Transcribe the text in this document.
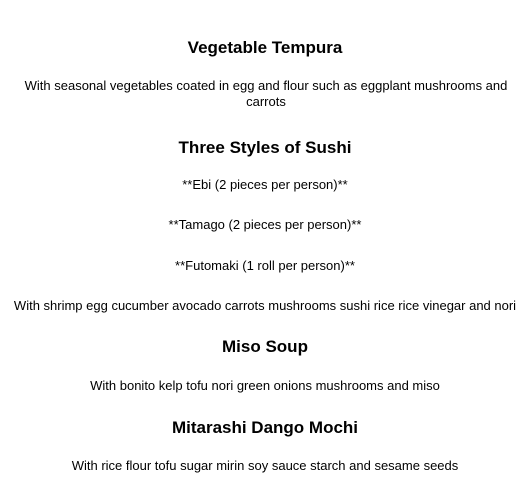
Vegetable Tempura

With seasonal vegetables coated in egg and flour such as eggplant mushrooms and carrots

Three Styles of Sushi

**Ebi (2 pieces per person)**

**Tamago (2 pieces per person)**

**Futomaki (1 roll per person)**

With shrimp egg cucumber avocado carrots mushrooms sushi rice rice vinegar and nori

Miso Soup

With bonito kelp tofu nori green onions mushrooms and miso

Mitarashi Dango Mochi

With rice flour tofu sugar mirin soy sauce starch and sesame seeds
